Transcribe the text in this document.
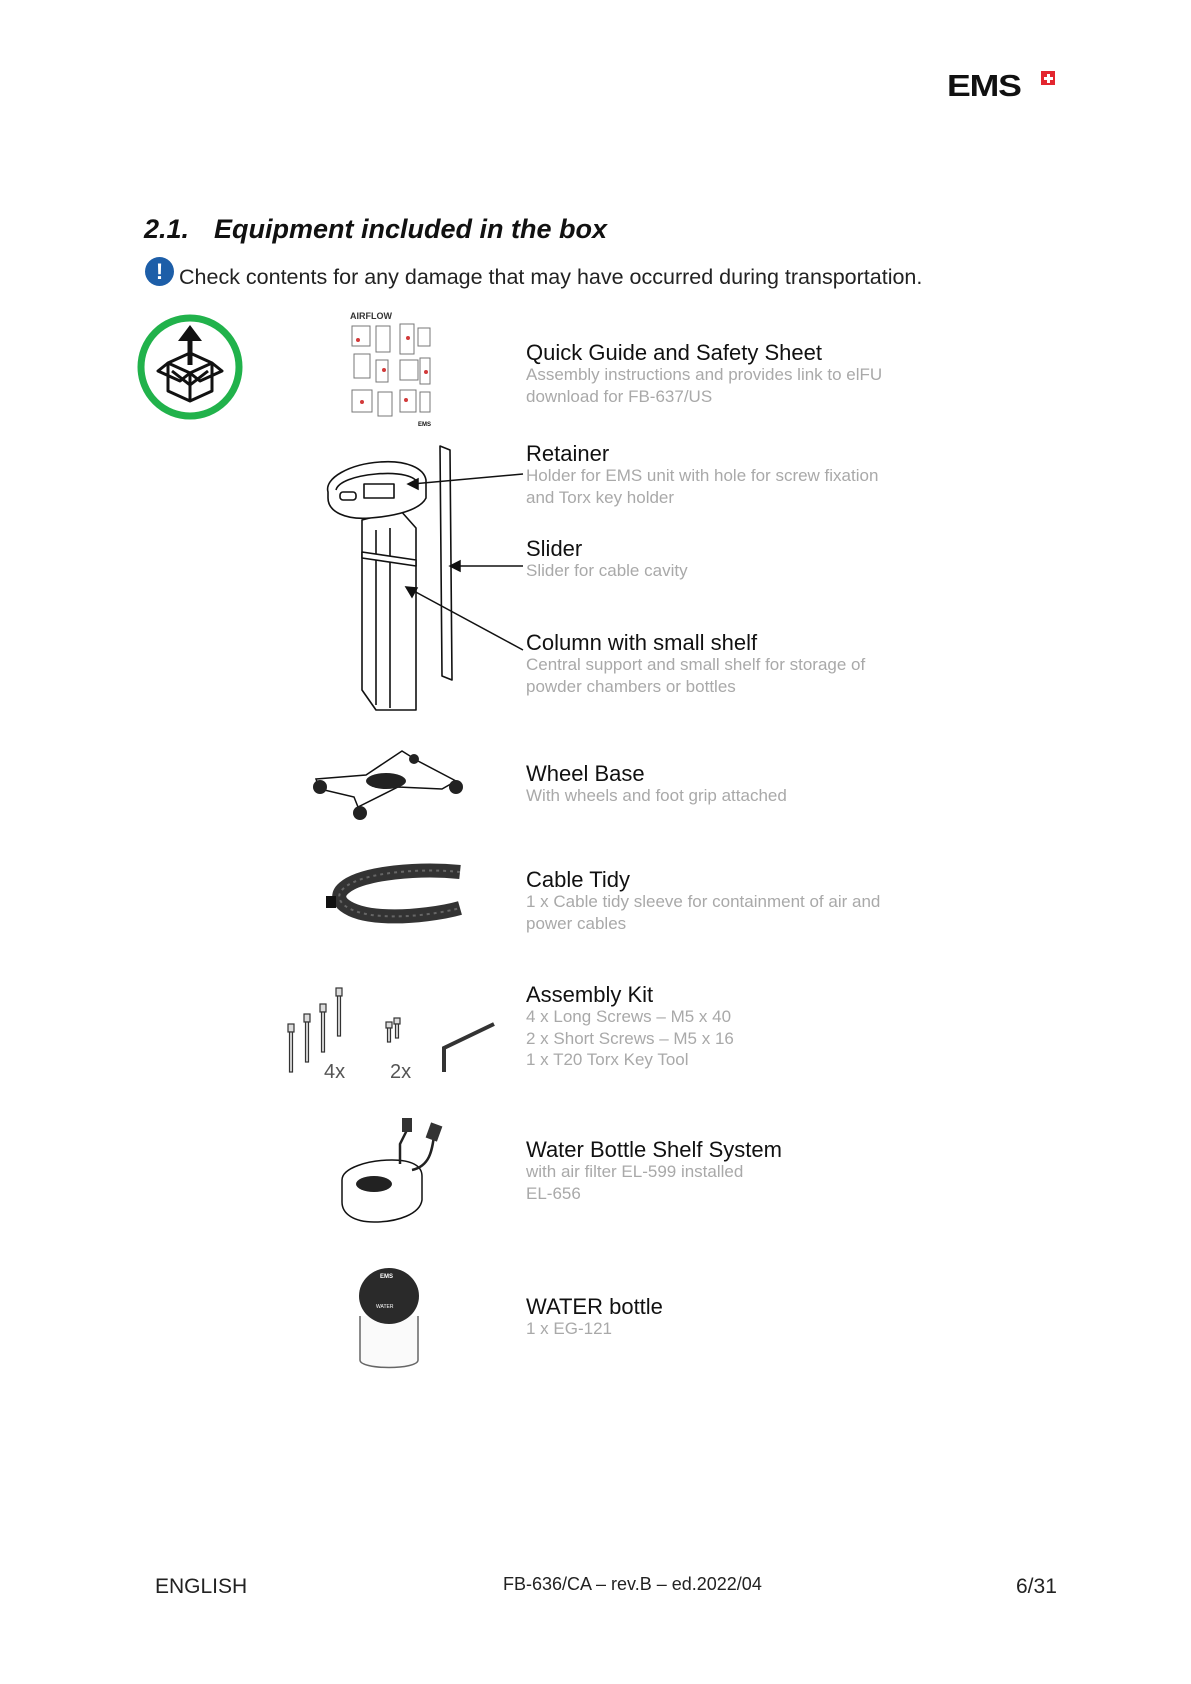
EMS
2.1. Equipment included in the box
! Check contents for any damage that may have occurred during transportation.
AIRFLOW
EMS
4x 2x
EMS
WATER
Quick Guide and Safety Sheet
Assembly instructions and provides link to elFU
download for FB-637/US
Retainer
Holder for EMS unit with hole for screw fixation
and Torx key holder
Slider
Slider for cable cavity
Column with small shelf
Central support and small shelf for storage of
powder chambers or bottles
Wheel Base
With wheels and foot grip attached
Cable Tidy
1 x Cable tidy sleeve for containment of air and
power cables
Assembly Kit
4 x Long Screws – M5 x 40
2 x Short Screws – M5 x 16
1 x T20 Torx Key Tool
Water Bottle Shelf System
with air filter EL-599 installed
EL-656
WATER bottle
1 x EG-121
ENGLISH	FB-636/CA – rev.B – ed.2022/04	6/31
